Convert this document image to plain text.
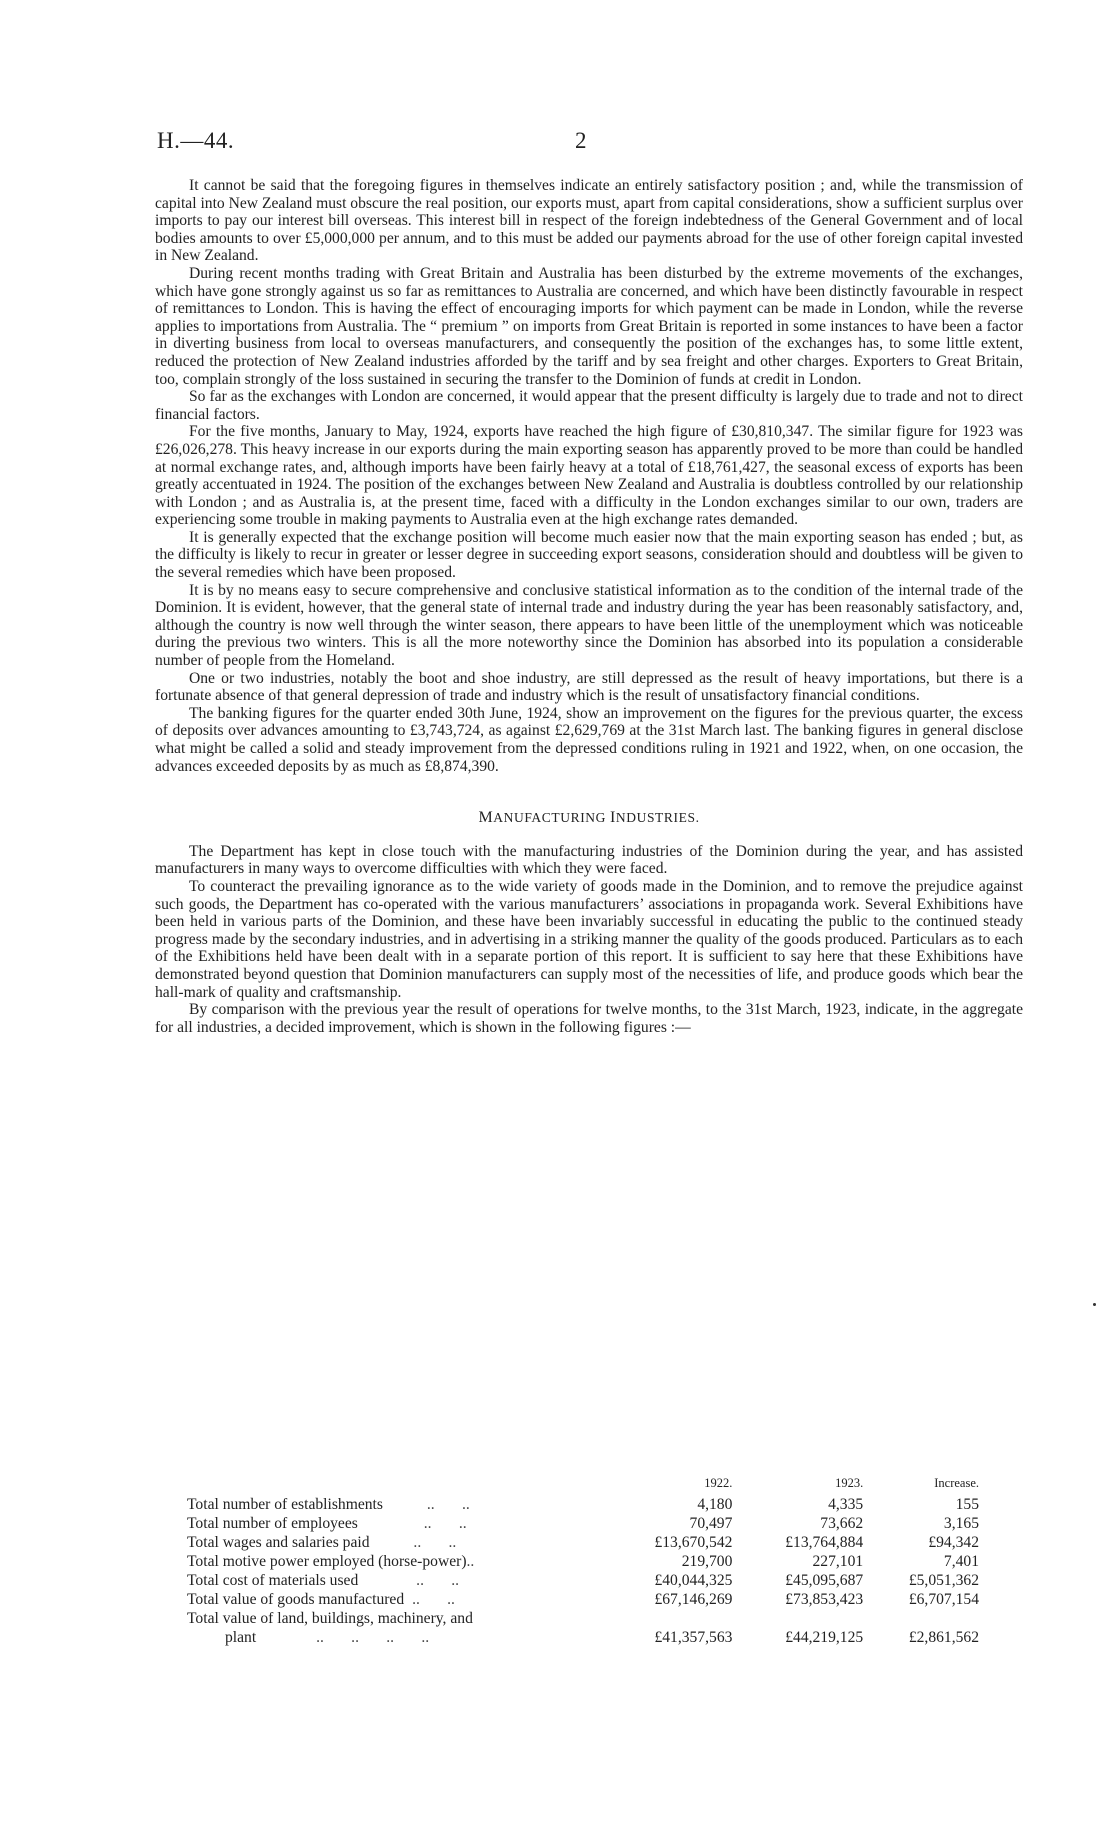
H.—44.	2

It cannot be said that the foregoing figures in themselves indicate an entirely satisfactory position ; and, while the transmission of capital into New Zealand must obscure the real position, our exports must, apart from capital considerations, show a sufficient surplus over imports to pay our interest bill overseas. This interest bill in respect of the foreign indebtedness of the General Government and of local bodies amounts to over £5,000,000 per annum, and to this must be added our payments abroad for the use of other foreign capital invested in New Zealand.

During recent months trading with Great Britain and Australia has been disturbed by the extreme movements of the exchanges, which have gone strongly against us so far as remittances to Australia are concerned, and which have been distinctly favourable in respect of remittances to London. This is having the effect of encouraging imports for which payment can be made in London, while the reverse applies to importations from Australia. The “ premium ” on imports from Great Britain is reported in some instances to have been a factor in diverting business from local to overseas manufacturers, and consequently the position of the exchanges has, to some little extent, reduced the protection of New Zealand industries afforded by the tariff and by sea freight and other charges. Exporters to Great Britain, too, complain strongly of the loss sustained in securing the transfer to the Dominion of funds at credit in London.

So far as the exchanges with London are concerned, it would appear that the present difficulty is largely due to trade and not to direct financial factors.

For the five months, January to May, 1924, exports have reached the high figure of £30,810,347. The similar figure for 1923 was £26,026,278. This heavy increase in our exports during the main exporting season has apparently proved to be more than could be handled at normal exchange rates, and, although imports have been fairly heavy at a total of £18,761,427, the seasonal excess of exports has been greatly accentuated in 1924. The position of the exchanges between New Zealand and Australia is doubtless controlled by our relationship with London ; and as Australia is, at the present time, faced with a difficulty in the London exchanges similar to our own, traders are experiencing some trouble in making payments to Australia even at the high exchange rates demanded.

It is generally expected that the exchange position will become much easier now that the main exporting season has ended ; but, as the difficulty is likely to recur in greater or lesser degree in succeeding export seasons, consideration should and doubtless will be given to the several remedies which have been proposed.

It is by no means easy to secure comprehensive and conclusive statistical information as to the condition of the internal trade of the Dominion. It is evident, however, that the general state of internal trade and industry during the year has been reasonably satisfactory, and, although the country is now well through the winter season, there appears to have been little of the unemployment which was noticeable during the previous two winters. This is all the more noteworthy since the Dominion has absorbed into its population a considerable number of people from the Homeland.

One or two industries, notably the boot and shoe industry, are still depressed as the result of heavy importations, but there is a fortunate absence of that general depression of trade and industry which is the result of unsatisfactory financial conditions.

The banking figures for the quarter ended 30th June, 1924, show an improvement on the figures for the previous quarter, the excess of deposits over advances amounting to £3,743,724, as against £2,629,769 at the 31st March last. The banking figures in general disclose what might be called a solid and steady improvement from the depressed conditions ruling in 1921 and 1922, when, on one occasion, the advances exceeded deposits by as much as £8,874,390.

MANUFACTURING INDUSTRIES.

The Department has kept in close touch with the manufacturing industries of the Dominion during the year, and has assisted manufacturers in many ways to overcome difficulties with which they were faced.

To counteract the prevailing ignorance as to the wide variety of goods made in the Dominion, and to remove the prejudice against such goods, the Department has co-operated with the various manufacturers’ associations in propaganda work. Several Exhibitions have been held in various parts of the Dominion, and these have been invariably successful in educating the public to the continued steady progress made by the secondary industries, and in advertising in a striking manner the quality of the goods produced. Particulars as to each of the Exhibitions held have been dealt with in a separate portion of this report. It is sufficient to say here that these Exhibitions have demonstrated beyond question that Dominion manufacturers can supply most of the necessities of life, and produce goods which bear the hall-mark of quality and craftsmanship.

By comparison with the previous year the result of operations for twelve months, to the 31st March, 1923, indicate, in the aggregate for all industries, a decided improvement, which is shown in the following figures :—

	1922.	1923.	Increase.
Total number of establishments ..       ..	4,180	4,335	155
Total number of employees ..       ..	70,497	73,662	3,165
Total wages and salaries paid ..       ..	£13,670,542	£13,764,884	£94,342
Total motive power employed (horse-power)..	219,700	227,101	7,401
Total cost of materials used ..       ..	£40,044,325	£45,095,687	£5,051,362
Total value of goods manufactured ..       ..	£67,146,269	£73,853,423	£6,707,154
Total value of land, buildings, machinery, and			
plant ..       ..       ..       ..	£41,357,563	£44,219,125	£2,861,562
